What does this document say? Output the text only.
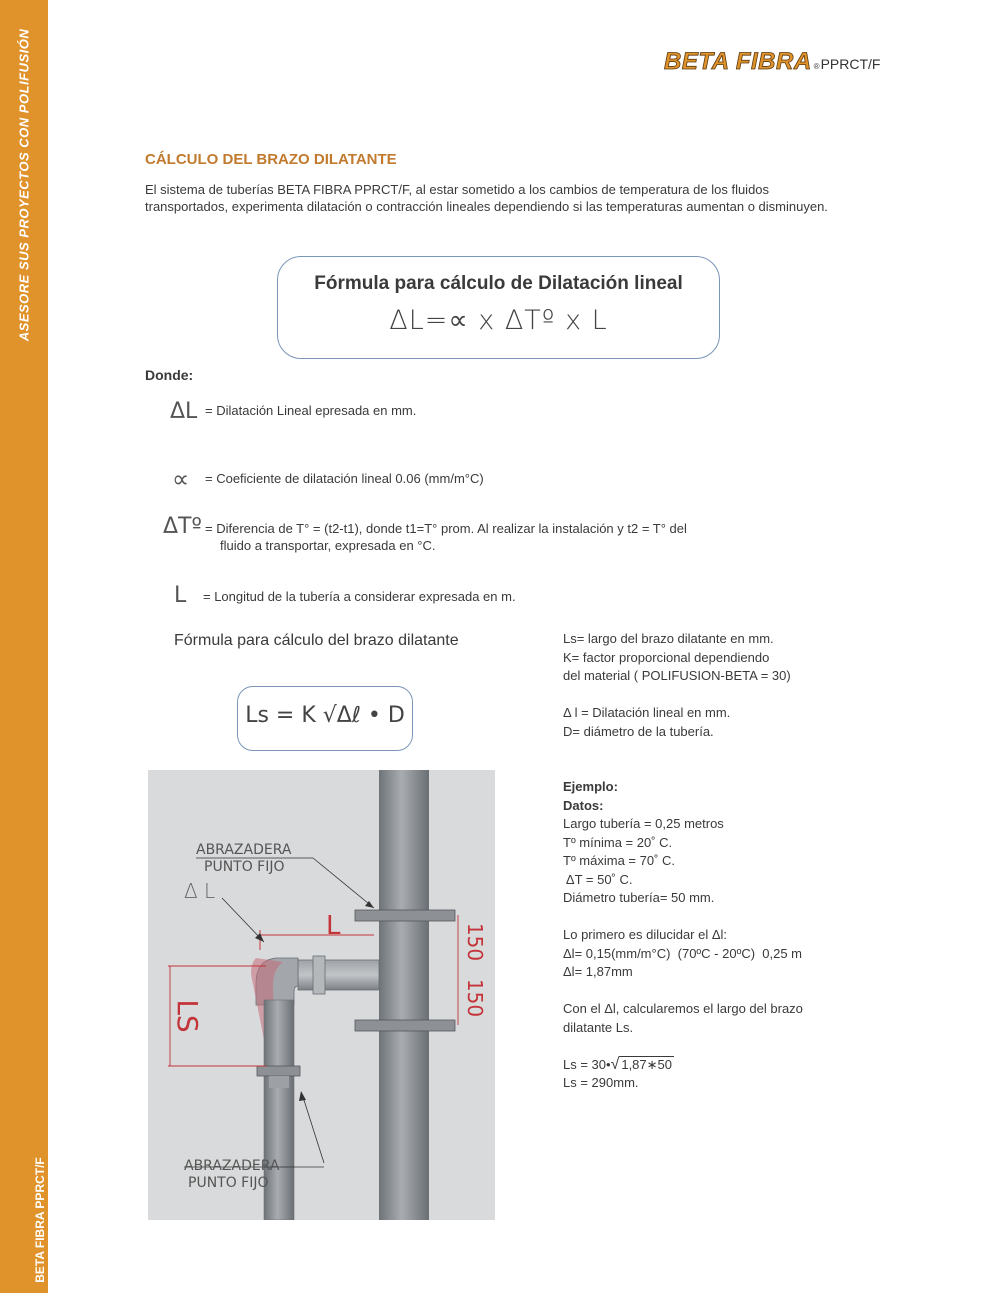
ASESORE SUS PROYECTOS CON POLIFUSIÓN
BETA FIBRA PPRCT/F
BETA FIBRA ®PPRCT/F
CÁLCULO DEL BRAZO DILATANTE
El sistema de tuberías BETA FIBRA PPRCT/F, al estar sometido a los cambios de temperatura de los fluidos transportados, experimenta dilatación o contracción lineales dependiendo si las temperaturas aumentan o disminuyen.
Fórmula para cálculo de Dilatación lineal
ΔL=∝ x ΔTº x L
Donde:
ΔL = Dilatación Lineal epresada en mm.
∝ = Coeficiente de dilatación lineal 0.06 (mm/m°C)
ΔTº = Diferencia de T° = (t2-t1), donde t1=T° prom. Al realizar la instalación y t2 = T° del
fluido a transportar, expresada en °C.
L = Longitud de la tubería a considerar expresada en m.
Fórmula para cálculo del brazo dilatante
Ls = K √Δℓ • D
Ls= largo del brazo dilatante en mm.
K= factor proporcional dependiendo
del material ( POLIFUSION-BETA = 30)

Δ l = Dilatación lineal en mm.
D= diámetro de la tubería.
Ejemplo:
Datos:
Largo tubería = 0,25 metros
Tº mínima = 20˚ C.
Tº máxima = 70˚ C.
ΔT = 50˚ C.
Diámetro tubería= 50 mm.

Lo primero es dilucidar el Δl:
Δl= 0,15(mm/m°C)  (70ºC - 20ºC)  0,25 m
Δl= 1,87mm

Con el Δl, calcularemos el largo del brazo
dilatante Ls.

Ls = 30•√ 1,87∗50
Ls = 290mm.
L
LS
150
150
ABRAZADERA
PUNTO FIJO
Δ L
ABRAZADERA
PUNTO FIJO
